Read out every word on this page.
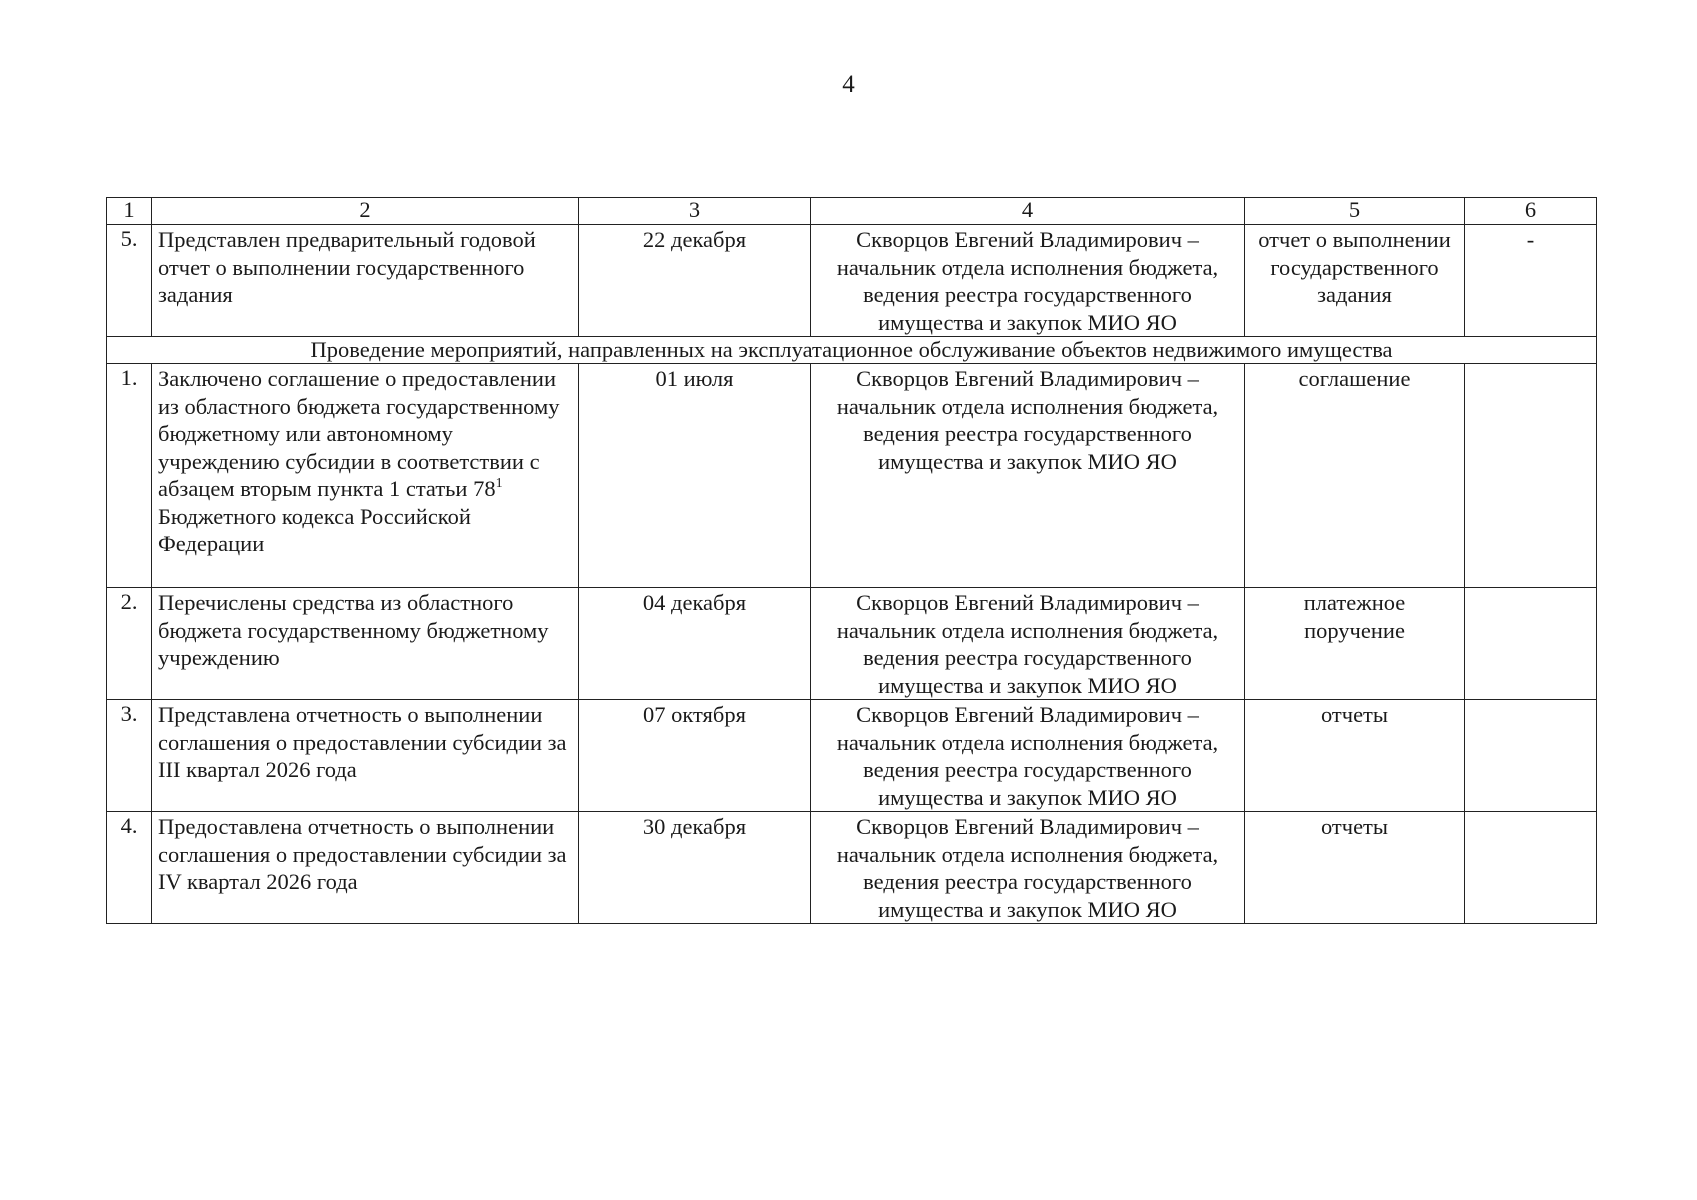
4
1	2	3	4	5	6
5.	Представлен предварительный годовой отчет о выполнении государственного задания	22 декабря	Скворцов Евгений Владимирович – начальник отдела исполнения бюджета, ведения реестра государственного имущества и закупок МИО ЯО	отчет о выполнении государственного задания	-
Проведение мероприятий, направленных на эксплуатационное обслуживание объектов недвижимого имущества					
1.	Заключено соглашение о предоставлении из областного бюджета государственному бюджетному или автономному учреждению субсидии в соответствии с абзацем вторым пункта 1 статьи $78^1$ Бюджетного кодекса Российской Федерации	01 июля	Скворцов Евгений Владимирович – начальник отдела исполнения бюджета, ведения реестра государственного имущества и закупок МИО ЯО	соглашение	
2.	Перечислены средства из областного бюджета государственному бюджетному учреждению	04 декабря	Скворцов Евгений Владимирович – начальник отдела исполнения бюджета, ведения реестра государственного имущества и закупок МИО ЯО	платежное поручение	
3.	Представлена отчетность о выполнении соглашения о предоставлении субсидии за III квартал 2026 года	07 октября	Скворцов Евгений Владимирович – начальник отдела исполнения бюджета, ведения реестра государственного имущества и закупок МИО ЯО	отчеты	
4.	Предоставлена отчетность о выполнении соглашения о предоставлении субсидии за IV квартал 2026 года	30 декабря	Скворцов Евгений Владимирович – начальник отдела исполнения бюджета, ведения реестра государственного имущества и закупок МИО ЯО	отчеты	
